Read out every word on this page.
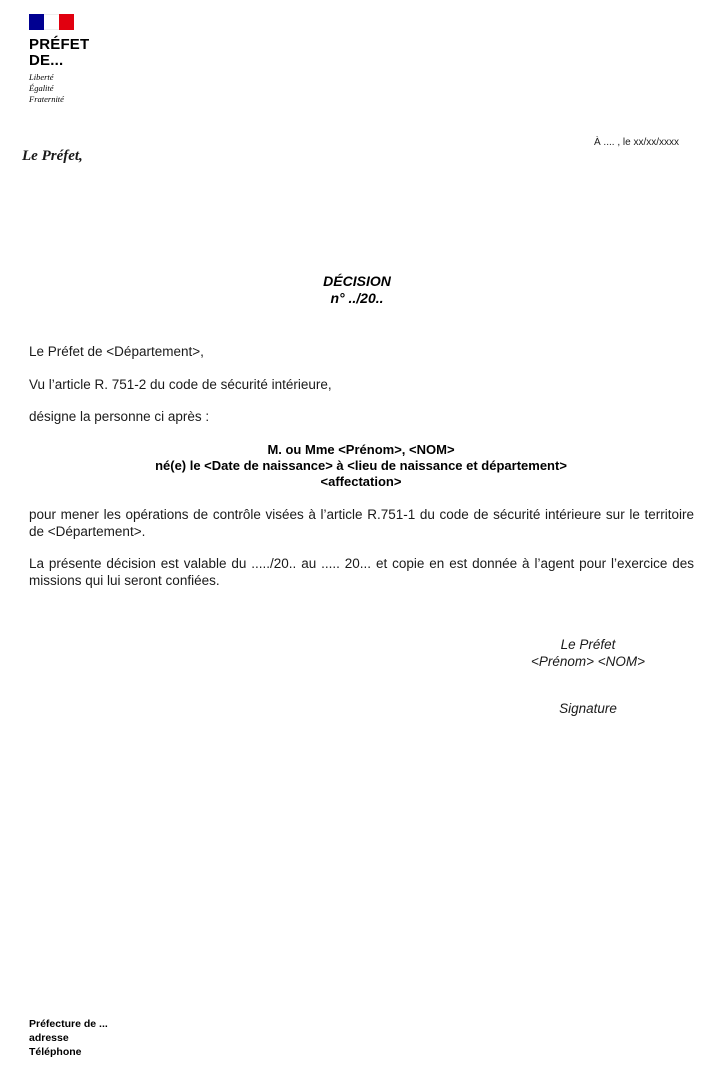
PRÉFET
DE...
Liberté
Égalité
Fraternité
À .... , le xx/xx/xxxx
Le Préfet,
DÉCISION
n° ../20..
Le Préfet de <Département>,
Vu l’article R. 751-2 du code de sécurité intérieure,
désigne la personne ci après :
M. ou Mme <Prénom>, <NOM>
né(e) le <Date de naissance> à <lieu de naissance et département>
<affectation>
pour mener les opérations de contrôle visées à l’article R.751-1 du code de sécurité intérieure sur le territoire de <Département>.
La présente décision est valable du ...../20.. au ..... 20... et copie en est donnée à l’agent pour l’exercice des missions qui lui seront confiées.
Le Préfet
<Prénom> <NOM>
Signature
Préfecture de ...
adresse
Téléphone
